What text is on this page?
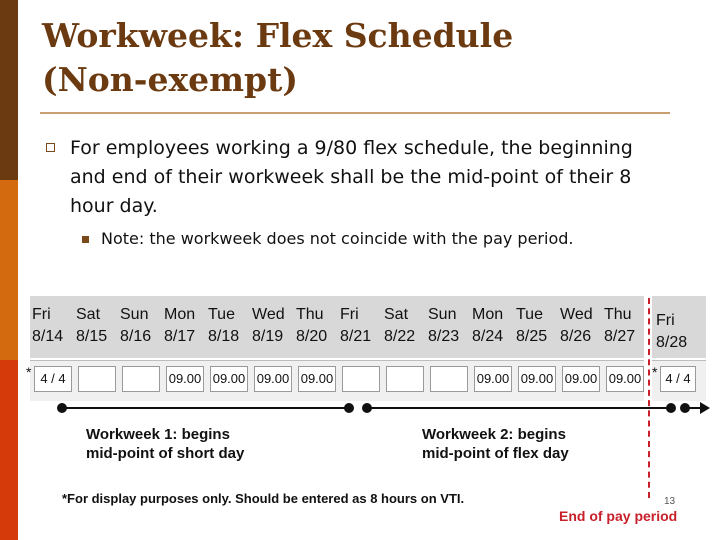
Workweek: Flex Schedule
(Non-exempt)
For employees working a 9/80 flex schedule, the beginning and end of their workweek shall be the mid-point of their 8 hour day.
Note: the workweek does not coincide with the pay period.
Fri
8/14
4 / 4
*
Sat
8/15
Sun
8/16
Mon
8/17
09.00
Tue
8/18
09.00
Wed
8/19
09.00
Thu
8/20
09.00
Fri
8/21
Sat
8/22
Sun
8/23
Mon
8/24
09.00
Tue
8/25
09.00
Wed
8/26
09.00
Thu
8/27
09.00
Fri
8/28
4 / 4
*
Workweek 1: begins
mid-point of short day
Workweek 2: begins
mid-point of flex day
*For display purposes only. Should be entered as 8 hours on VTI.	13
End of pay period
